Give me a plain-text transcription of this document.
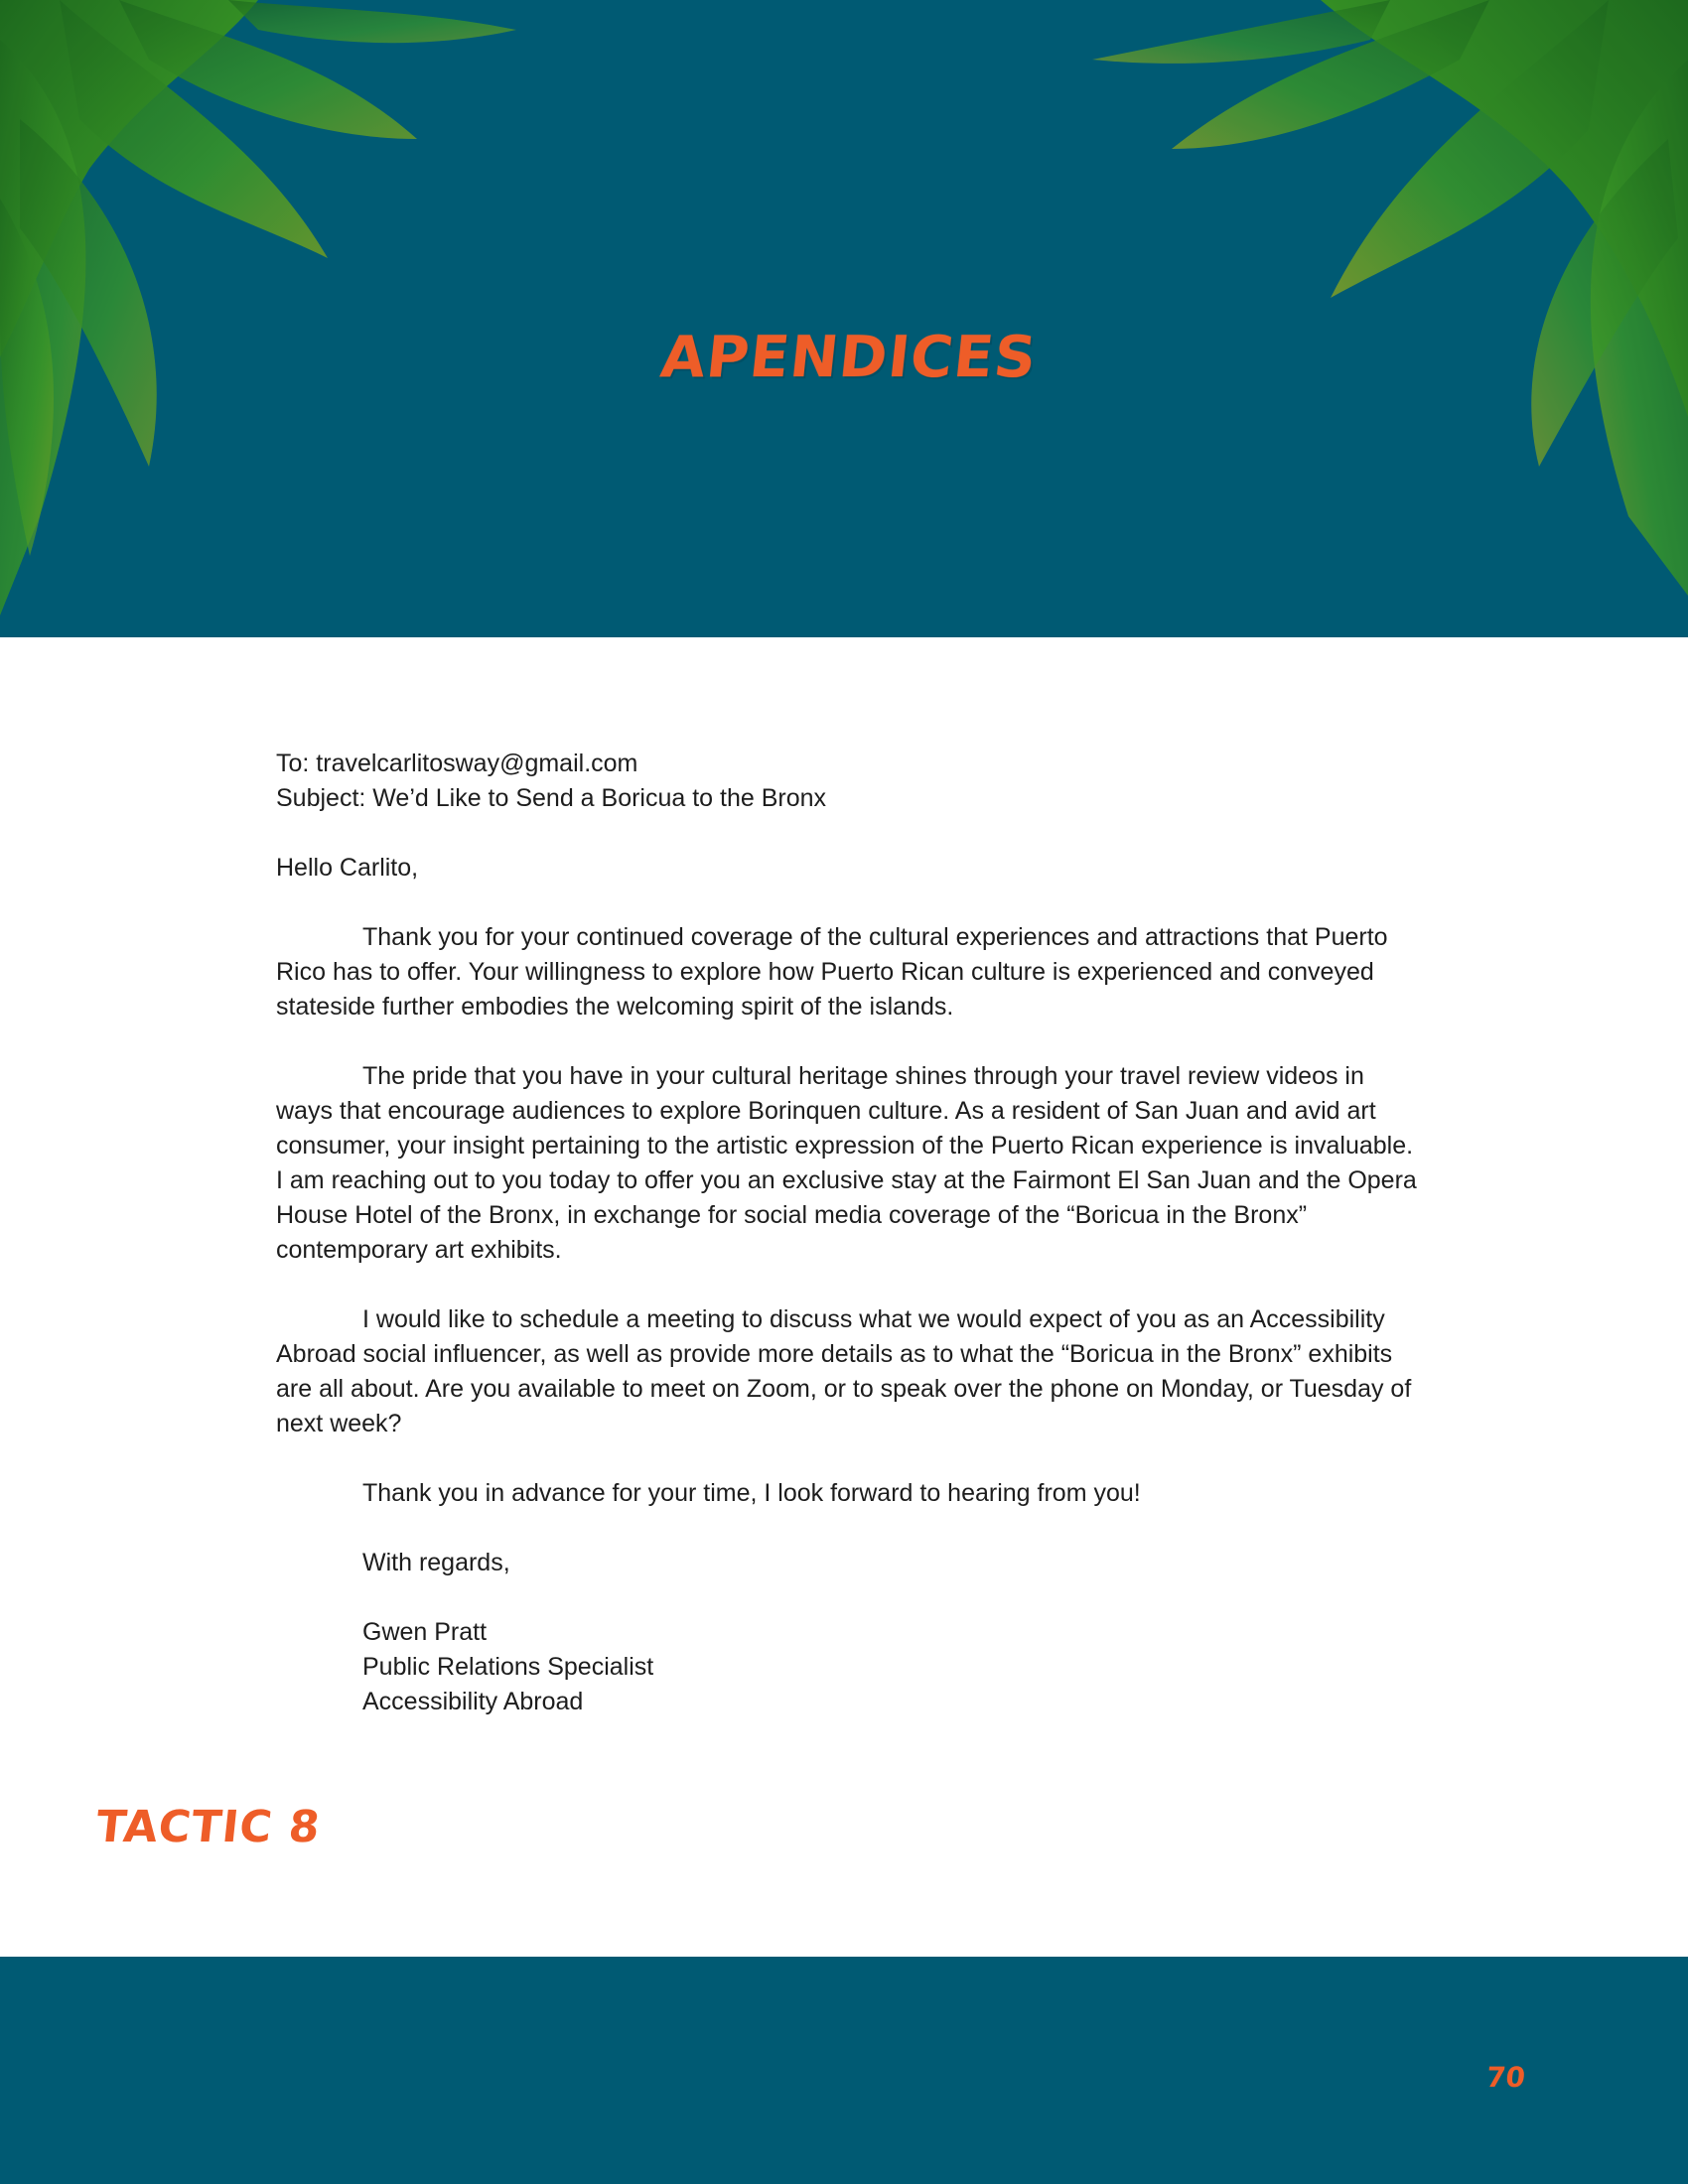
APENDICES

To: travelcarlitosway@gmail.com

Subject: We’d Like to Send a Boricua to the Bronx

Hello Carlito,

Thank you for your continued coverage of the cultural experiences and attractions that Puerto Rico has to offer. Your willingness to explore how Puerto Rican culture is experienced and conveyed stateside further embodies the welcoming spirit of the islands.

The pride that you have in your cultural heritage shines through your travel review videos in ways that encourage audiences to explore Borinquen culture. As a resident of San Juan and avid art consumer, your insight pertaining to the artistic expression of the Puerto Rican experience is invaluable. I am reaching out to you today to offer you an exclusive stay at the Fairmont El San Juan and the Opera House Hotel of the Bronx, in exchange for social media coverage of the “Boricua in the Bronx” contemporary art exhibits.

I would like to schedule a meeting to discuss what we would expect of you as an Accessibility Abroad social influencer, as well as provide more details as to what the “Boricua in the Bronx” exhibits are all about. Are you available to meet on Zoom, or to speak over the phone on Monday, or Tuesday of next week?

Thank you in advance for your time, I look forward to hearing from you!

With regards,

Gwen Pratt

Public Relations Specialist

Accessibility Abroad

TACTIC 8
70
